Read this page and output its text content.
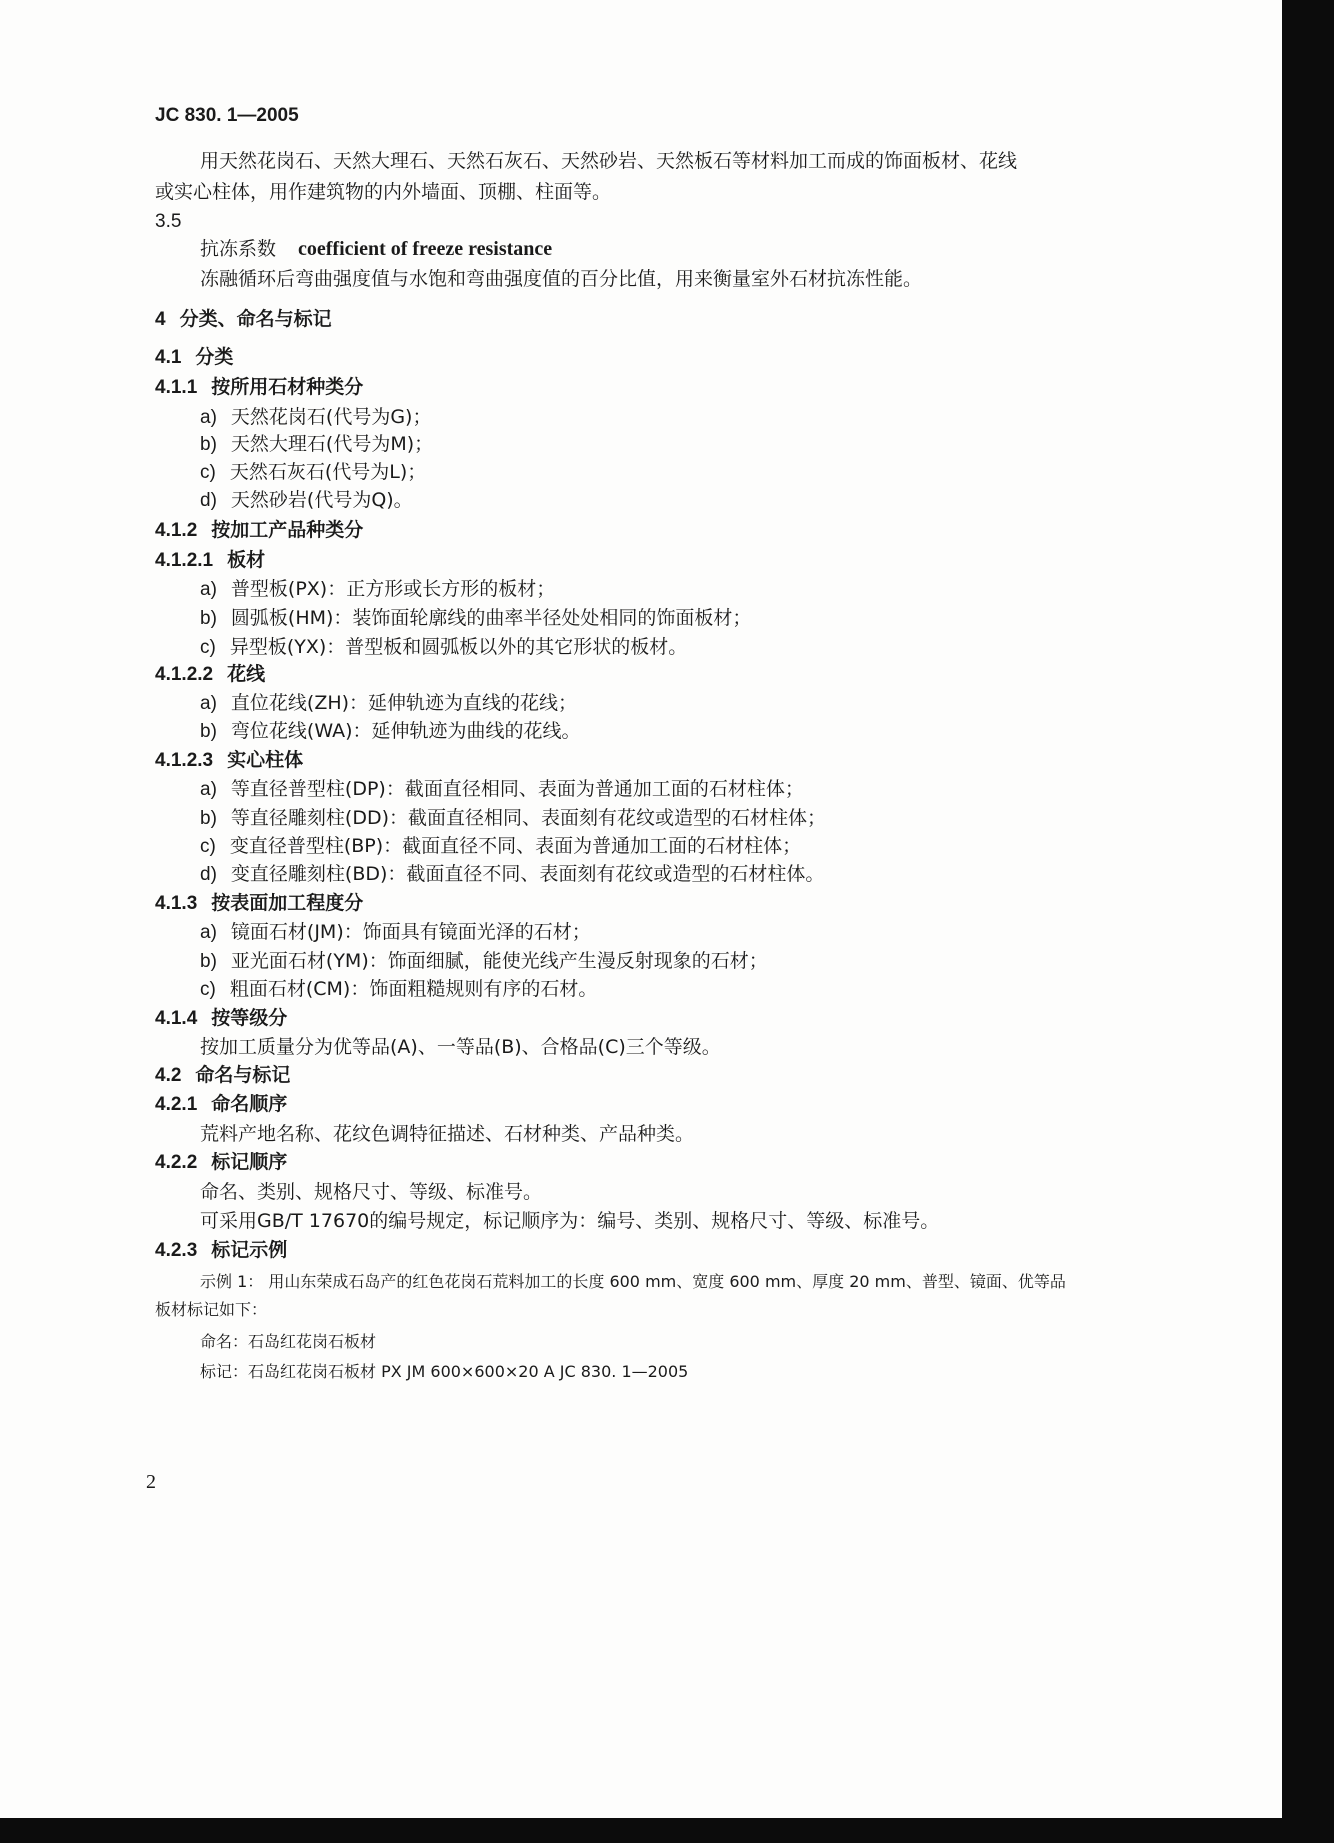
JC 830. 1—2005
用天然花岗石、天然大理石、天然石灰石、天然砂岩、天然板石等材料加工而成的饰面板材、花线
或实心柱体，用作建筑物的内外墙面、顶棚、柱面等。
3.5
抗冻系数 coefficient of freeze resistance
冻融循环后弯曲强度值与水饱和弯曲强度值的百分比值，用来衡量室外石材抗冻性能。
4 分类、命名与标记
4.1 分类
4.1.1 按所用石材种类分
a) 天然花岗石(代号为G)；
b) 天然大理石(代号为M)；
c) 天然石灰石(代号为L)；
d) 天然砂岩(代号为Q)。
4.1.2 按加工产品种类分
4.1.2.1 板材
a) 普型板(PX)：正方形或长方形的板材；
b) 圆弧板(HM)：装饰面轮廓线的曲率半径处处相同的饰面板材；
c) 异型板(YX)：普型板和圆弧板以外的其它形状的板材。
4.1.2.2 花线
a) 直位花线(ZH)：延伸轨迹为直线的花线；
b) 弯位花线(WA)：延伸轨迹为曲线的花线。
4.1.2.3 实心柱体
a) 等直径普型柱(DP)：截面直径相同、表面为普通加工面的石材柱体；
b) 等直径雕刻柱(DD)：截面直径相同、表面刻有花纹或造型的石材柱体；
c) 变直径普型柱(BP)：截面直径不同、表面为普通加工面的石材柱体；
d) 变直径雕刻柱(BD)：截面直径不同、表面刻有花纹或造型的石材柱体。
4.1.3 按表面加工程度分
a) 镜面石材(JM)：饰面具有镜面光泽的石材；
b) 亚光面石材(YM)：饰面细腻，能使光线产生漫反射现象的石材；
c) 粗面石材(CM)：饰面粗糙规则有序的石材。
4.1.4 按等级分
按加工质量分为优等品(A)、一等品(B)、合格品(C)三个等级。
4.2 命名与标记
4.2.1 命名顺序
荒料产地名称、花纹色调特征描述、石材种类、产品种类。
4.2.2 标记顺序
命名、类别、规格尺寸、等级、标准号。
可采用GB/T 17670的编号规定，标记顺序为：编号、类别、规格尺寸、等级、标准号。
4.2.3 标记示例
示例 1： 用山东荣成石岛产的红色花岗石荒料加工的长度 600 mm、宽度 600 mm、厚度 20 mm、普型、镜面、优等品
板材标记如下：
命名：石岛红花岗石板材
标记：石岛红花岗石板材 PX JM 600×600×20 A JC 830. 1—2005
2
